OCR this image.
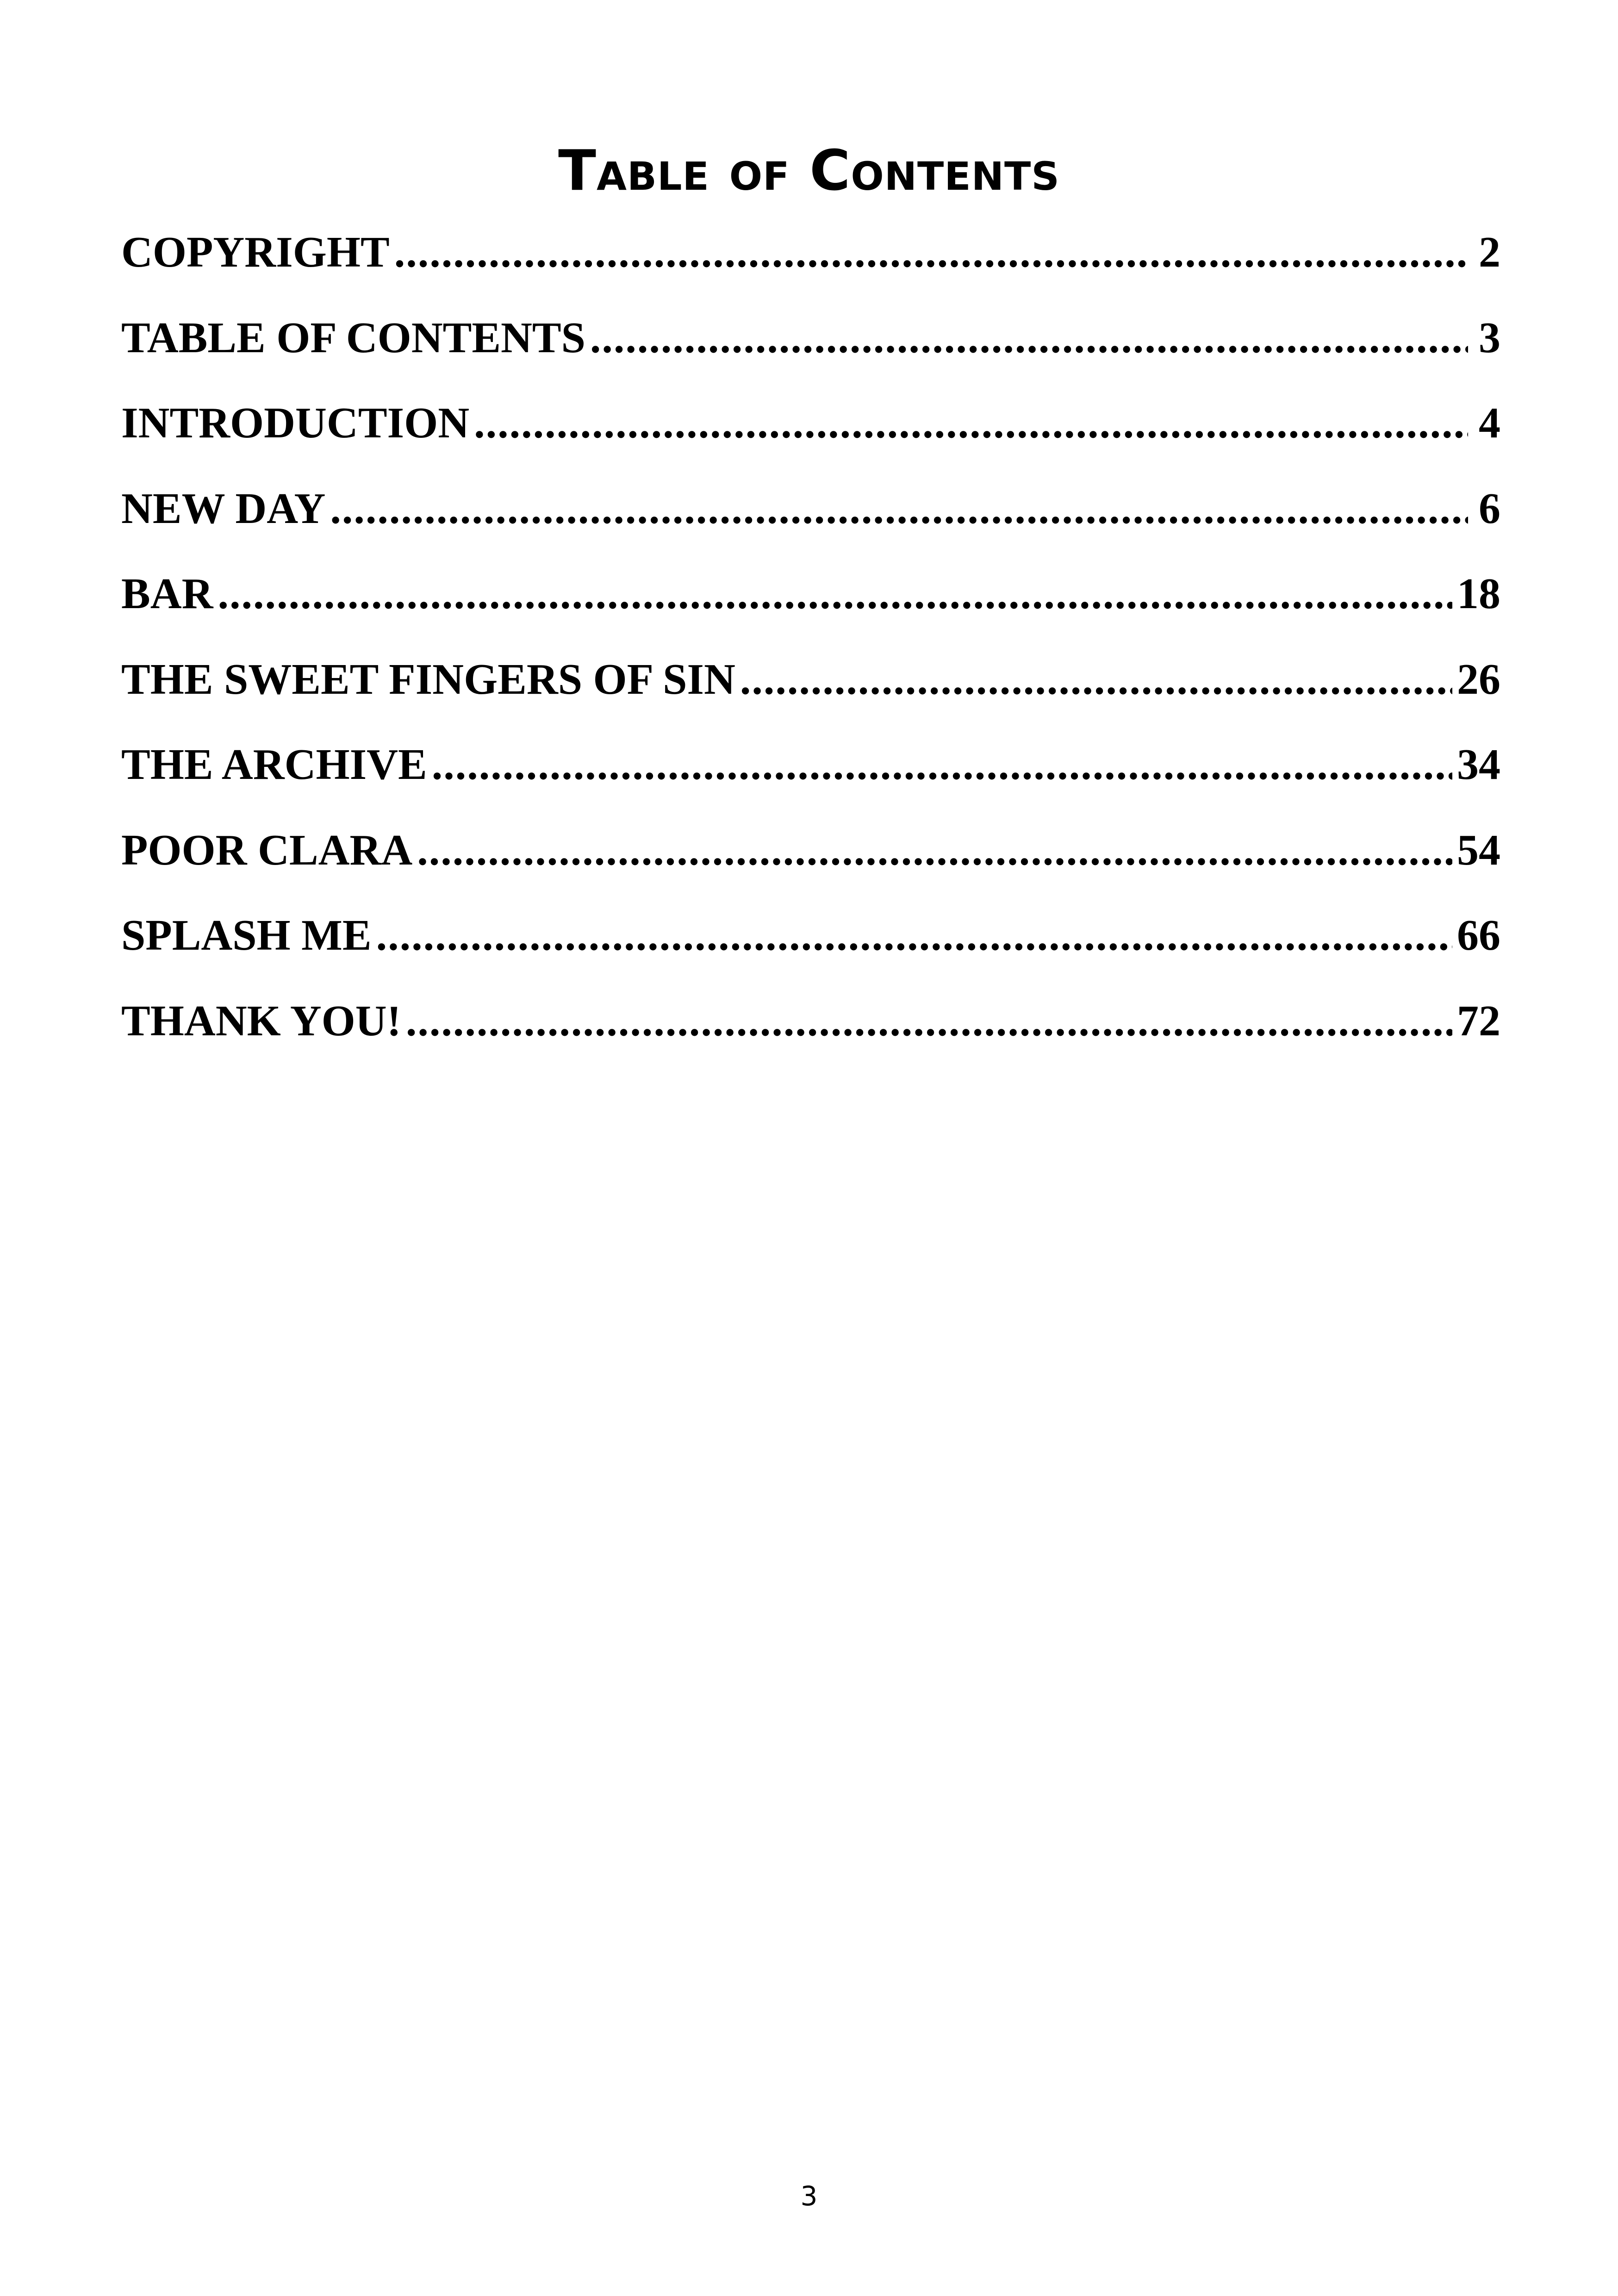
Table of Contents
COPYRIGHT .....	2
TABLE OF CONTENTS .....	3
INTRODUCTION .....	4
NEW DAY .....	6
BAR .....	18
THE SWEET FINGERS OF SIN .....	26
THE ARCHIVE .....	34
POOR CLARA .....	54
SPLASH ME .....	66
THANK YOU! .....	72
3
